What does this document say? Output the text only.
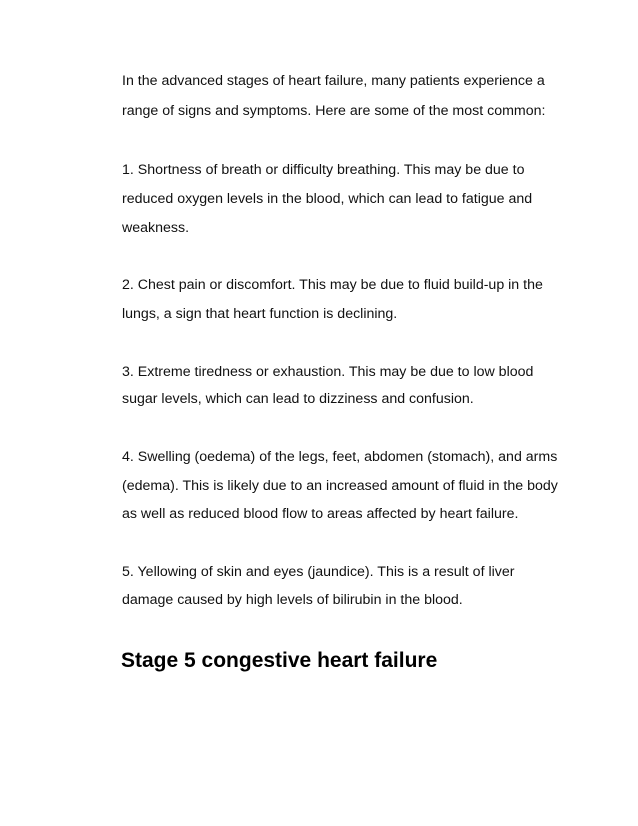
In the advanced stages of heart failure, many patients experience a
range of signs and symptoms. Here are some of the most common:
1. Shortness of breath or difficulty breathing. This may be due to
reduced oxygen levels in the blood, which can lead to fatigue and
weakness.
2. Chest pain or discomfort. This may be due to fluid build-up in the
lungs, a sign that heart function is declining.
3. Extreme tiredness or exhaustion. This may be due to low blood
sugar levels, which can lead to dizziness and confusion.
4. Swelling (oedema) of the legs, feet, abdomen (stomach), and arms
(edema). This is likely due to an increased amount of fluid in the body
as well as reduced blood flow to areas affected by heart failure.
5. Yellowing of skin and eyes (jaundice). This is a result of liver
damage caused by high levels of bilirubin in the blood.
Stage 5 congestive heart failure
